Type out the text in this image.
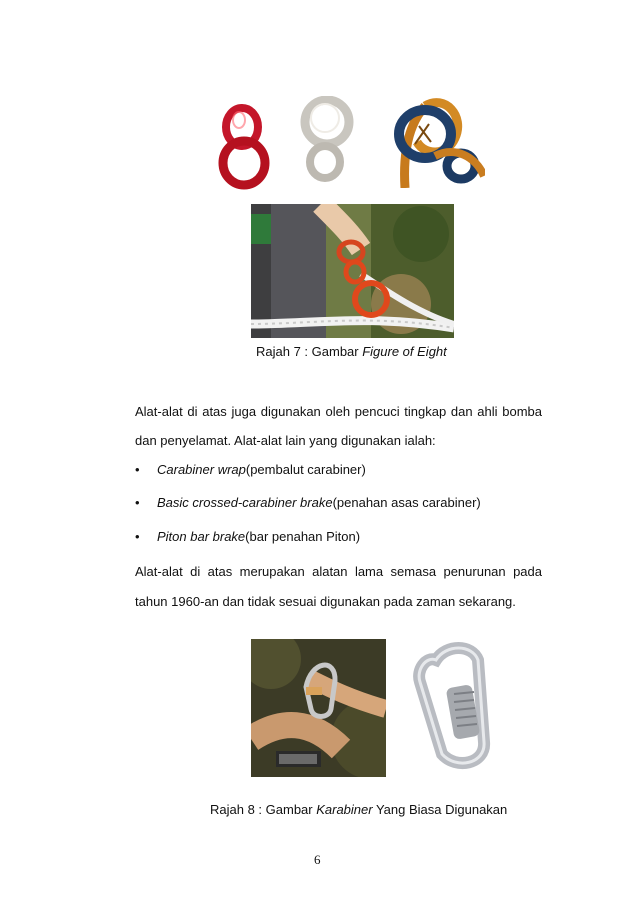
Rajah 7 : Gambar Figure of Eight
Alat-alat di atas juga digunakan oleh pencuci tingkap dan ahli bomba
dan penyelamat. Alat-alat lain yang digunakan ialah:
• Carabiner wrap(pembalut carabiner)
• Basic crossed-carabiner brake(penahan asas carabiner)
• Piton bar brake(bar penahan Piton)
Alat-alat di atas merupakan alatan lama semasa penurunan pada
tahun 1960-an dan tidak sesuai digunakan pada zaman sekarang.
Rajah 8 : Gambar Karabiner Yang Biasa Digunakan
6
